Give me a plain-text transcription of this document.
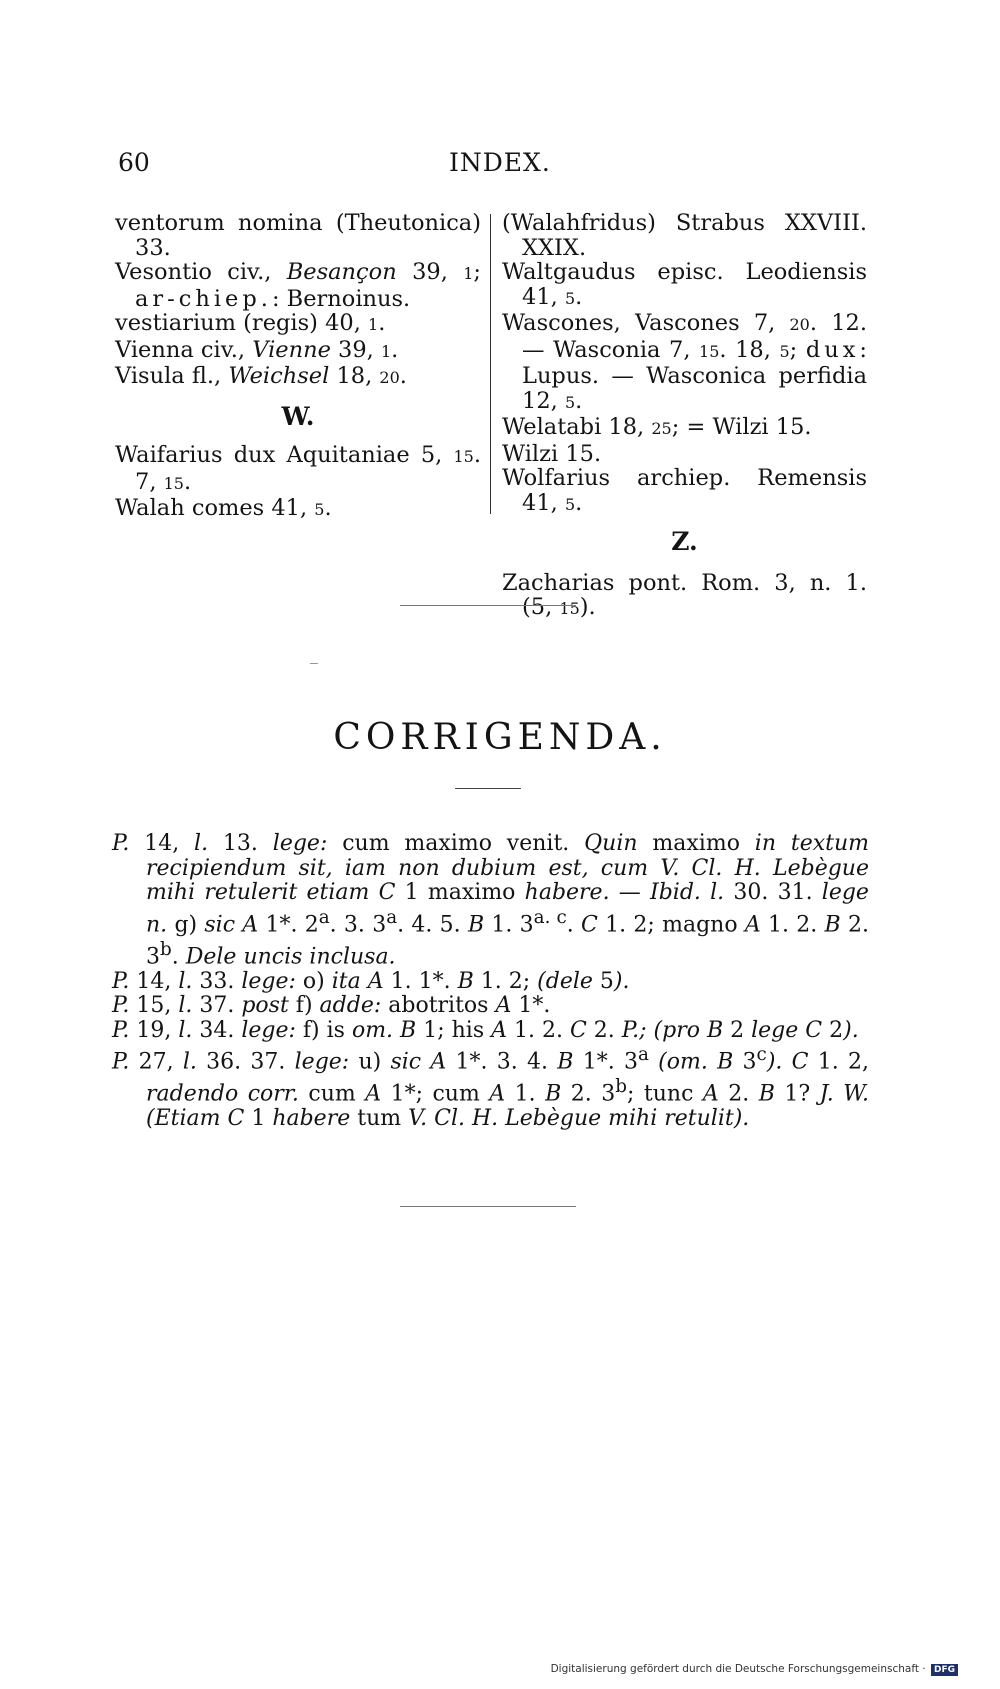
60	INDEX.
ventorum nomina (Theutonica) 33.
Vesontio civ., Besançon 39, 1; ar-chiep.: Bernoinus.
vestiarium (regis) 40, 1.
Vienna civ., Vienne 39, 1.
Visula fl., Weichsel 18, 20.
W.
Waifarius dux Aquitaniae 5, 15. 7, 15.
Walah comes 41, 5.
(Walahfridus) Strabus XXVIII. XXIX.
Waltgaudus episc. Leodiensis 41, 5.
Wascones, Vascones 7, 20. 12. — Wasconia 7, 15. 18, 5; dux: Lupus. — Wasconica perfidia 12, 5.
Welatabi 18, 25; = Wilzi 15.
Wilzi 15.
Wolfarius archiep. Remensis 41, 5.
Z.
Zacharias pont. Rom. 3, n. 1. (5, 15).
CORRIGENDA.
P. 14, l. 13. lege: cum maximo venit. Quin maximo in textum recipiendum sit, iam non dubium est, cum V. Cl. H. Lebègue mihi retulerit etiam C 1 maximo habere. — Ibid. l. 30. 31. lege n. g) sic A 1*. 2$^a$. 3. 3$^a$. 4. 5. B 1. $3^{a. c}$. C 1. 2; magno A 1. 2. B 2. 3$^b$. Dele uncis inclusa.
P. 14, l. 33. lege: o) ita A 1. 1*. B 1. 2; (dele 5).
P. 15, l. 37. post f) adde: abotritos A 1*.
P. 19, l. 34. lege: f) is om. B 1; his A 1. 2. C 2. P.; (pro B 2 lege C 2).
P. 27, l. 36. 37. lege: u) sic A 1*. 3. 4. B 1*. 3$^a$ (om. B 3$^c$). C 1. 2, radendo corr. cum A 1*; cum A 1. B 2. 3$^b$; tunc A 2. B 1? J. W. (Etiam C 1 habere tum V. Cl. H. Lebègue mihi retulit).
Digitalisierung gefördert durch die Deutsche Forschungsgemeinschaft · DFG
